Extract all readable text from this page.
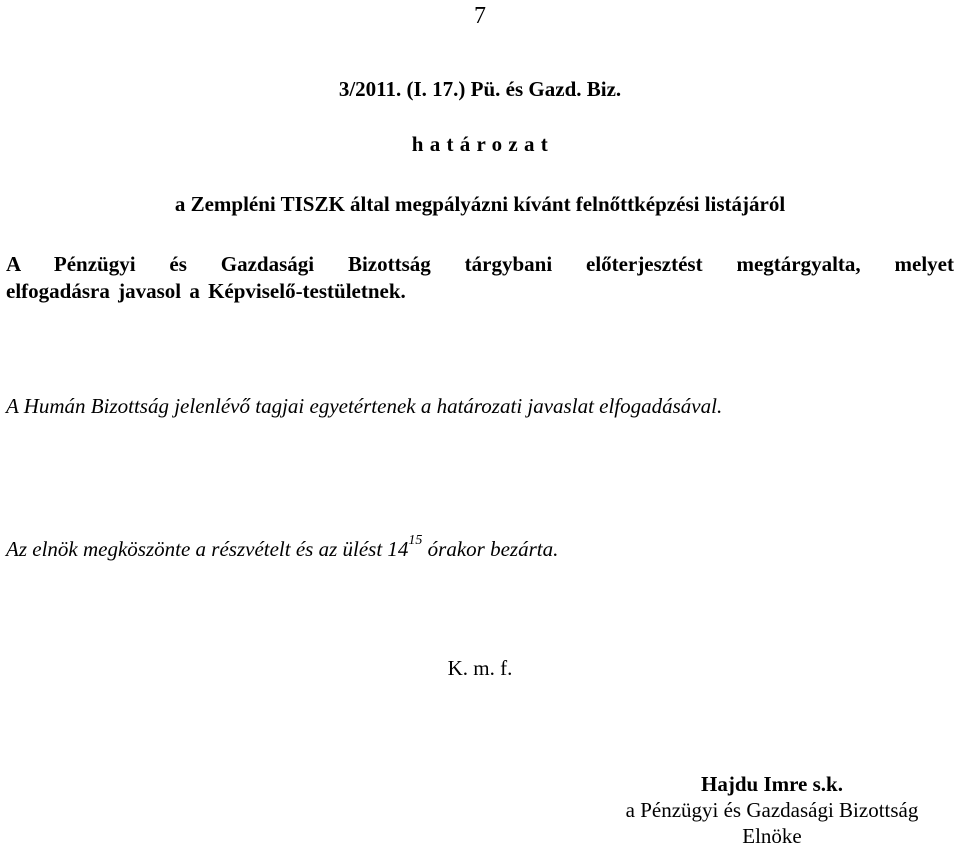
7
3/2011. (I. 17.) Pü. és Gazd. Biz.
h a t á r o z a t
a Zempléni TISZK által megpályázni kívánt felnőttképzési listájáról
A Pénzügyi és Gazdasági Bizottság tárgybani előterjesztést megtárgyalta, melyet
elfogadásra javasol a Képviselő-testületnek.
A Humán Bizottság jelenlévő tagjai egyetértenek a határozati javaslat elfogadásával.
Az elnök megköszönte a részvételt és az ülést $14^{15}$ órakor bezárta.
K. m. f.
Hajdu Imre s.k.
a Pénzügyi és Gazdasági Bizottság
Elnöke
